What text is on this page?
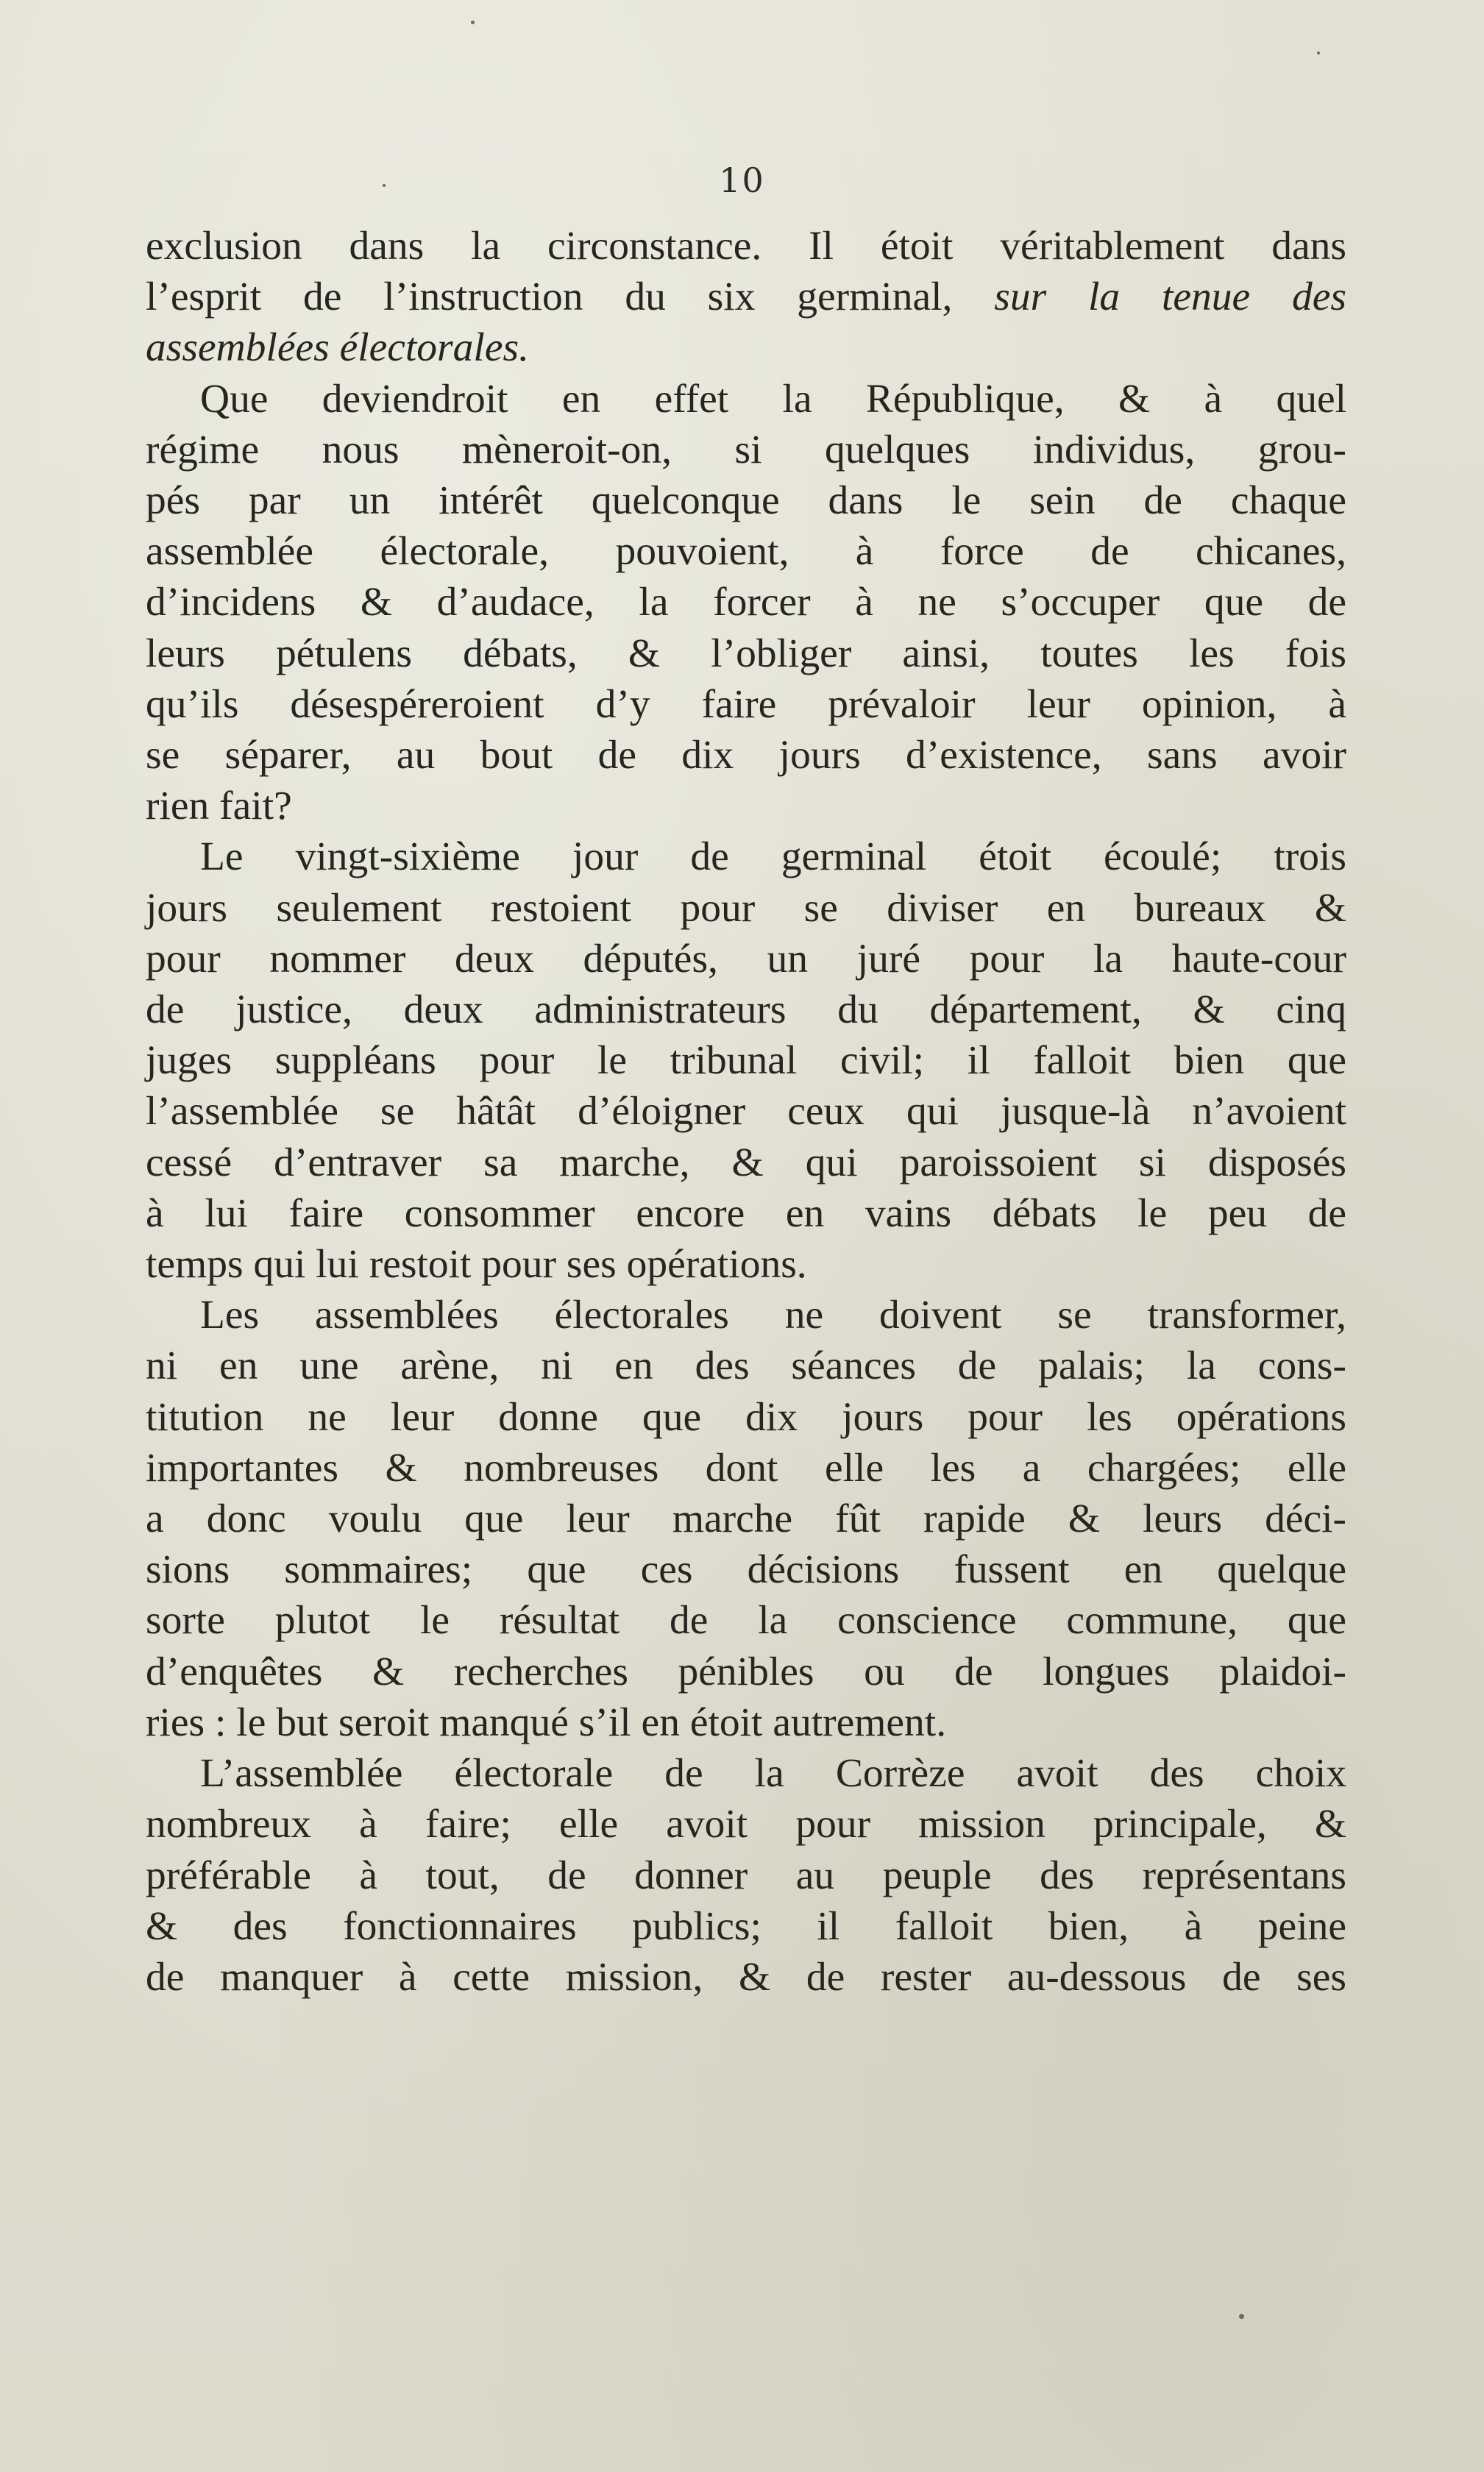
10
exclusion dans la circonstance. Il étoit véritablement dans
l’esprit de l’instruction du six germinal, sur la tenue des
assemblées électorales.
Que deviendroit en effet la République, & à quel
régime nous mèneroit-on, si quelques individus, grou-
pés par un intérêt quelconque dans le sein de chaque
assemblée électorale, pouvoient, à force de chicanes,
d’incidens & d’audace, la forcer à ne s’occuper que de
leurs pétulens débats, & l’obliger ainsi, toutes les fois
qu’ils désespéreroient d’y faire prévaloir leur opinion, à
se séparer, au bout de dix jours d’existence, sans avoir
rien fait?
Le vingt-sixième jour de germinal étoit écoulé; trois
jours seulement restoient pour se diviser en bureaux &
pour nommer deux députés, un juré pour la haute-cour
de justice, deux administrateurs du département, & cinq
juges suppléans pour le tribunal civil; il falloit bien que
l’assemblée se hâtât d’éloigner ceux qui jusque-là n’avoient
cessé d’entraver sa marche, & qui paroissoient si disposés
à lui faire consommer encore en vains débats le peu de
temps qui lui restoit pour ses opérations.
Les assemblées électorales ne doivent se transformer,
ni en une arène, ni en des séances de palais; la cons-
titution ne leur donne que dix jours pour les opérations
importantes & nombreuses dont elle les a chargées; elle
a donc voulu que leur marche fût rapide & leurs déci-
sions sommaires; que ces décisions fussent en quelque
sorte plutot le résultat de la conscience commune, que
d’enquêtes & recherches pénibles ou de longues plaidoi-
ries : le but seroit manqué s’il en étoit autrement.
L’assemblée électorale de la Corrèze avoit des choix
nombreux à faire; elle avoit pour mission principale, &
préférable à tout, de donner au peuple des représentans
& des fonctionnaires publics; il falloit bien, à peine
de manquer à cette mission, & de rester au-dessous de ses
